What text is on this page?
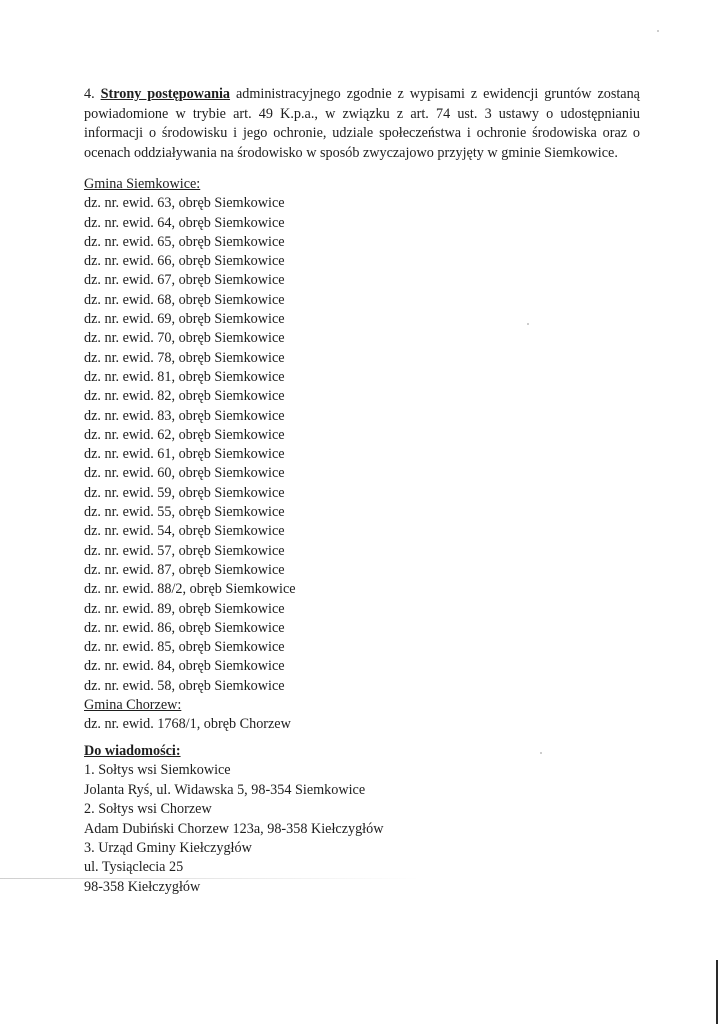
4. Strony postępowania administracyjnego zgodnie z wypisami z ewidencji gruntów zostaną powiadomione w trybie art. 49 K.p.a., w związku z art. 74 ust. 3 ustawy o udostępnianiu informacji o środowisku i jego ochronie, udziale społeczeństwa i ochronie środowiska oraz o ocenach oddziaływania na środowisko w sposób zwyczajowo przyjęty w gminie Siemkowice.

Gmina Siemkowice:
dz. nr. ewid. 63, obręb Siemkowice
dz. nr. ewid. 64, obręb Siemkowice
dz. nr. ewid. 65, obręb Siemkowice
dz. nr. ewid. 66, obręb Siemkowice
dz. nr. ewid. 67, obręb Siemkowice
dz. nr. ewid. 68, obręb Siemkowice
dz. nr. ewid. 69, obręb Siemkowice
dz. nr. ewid. 70, obręb Siemkowice
dz. nr. ewid. 78, obręb Siemkowice
dz. nr. ewid. 81, obręb Siemkowice
dz. nr. ewid. 82, obręb Siemkowice
dz. nr. ewid. 83, obręb Siemkowice
dz. nr. ewid. 62, obręb Siemkowice
dz. nr. ewid. 61, obręb Siemkowice
dz. nr. ewid. 60, obręb Siemkowice
dz. nr. ewid. 59, obręb Siemkowice
dz. nr. ewid. 55, obręb Siemkowice
dz. nr. ewid. 54, obręb Siemkowice
dz. nr. ewid. 57, obręb Siemkowice
dz. nr. ewid. 87, obręb Siemkowice
dz. nr. ewid. 88/2, obręb Siemkowice
dz. nr. ewid. 89, obręb Siemkowice
dz. nr. ewid. 86, obręb Siemkowice
dz. nr. ewid. 85, obręb Siemkowice
dz. nr. ewid. 84, obręb Siemkowice
dz. nr. ewid. 58, obręb Siemkowice
Gmina Chorzew:
dz. nr. ewid. 1768/1, obręb Chorzew
Do wiadomości:
1. Sołtys wsi Siemkowice
Jolanta Ryś, ul. Widawska 5, 98-354 Siemkowice
2. Sołtys wsi Chorzew
Adam Dubiński Chorzew 123a, 98-358 Kiełczygłów
3. Urząd Gminy Kiełczygłów
ul. Tysiąclecia 25
98-358 Kiełczygłów
